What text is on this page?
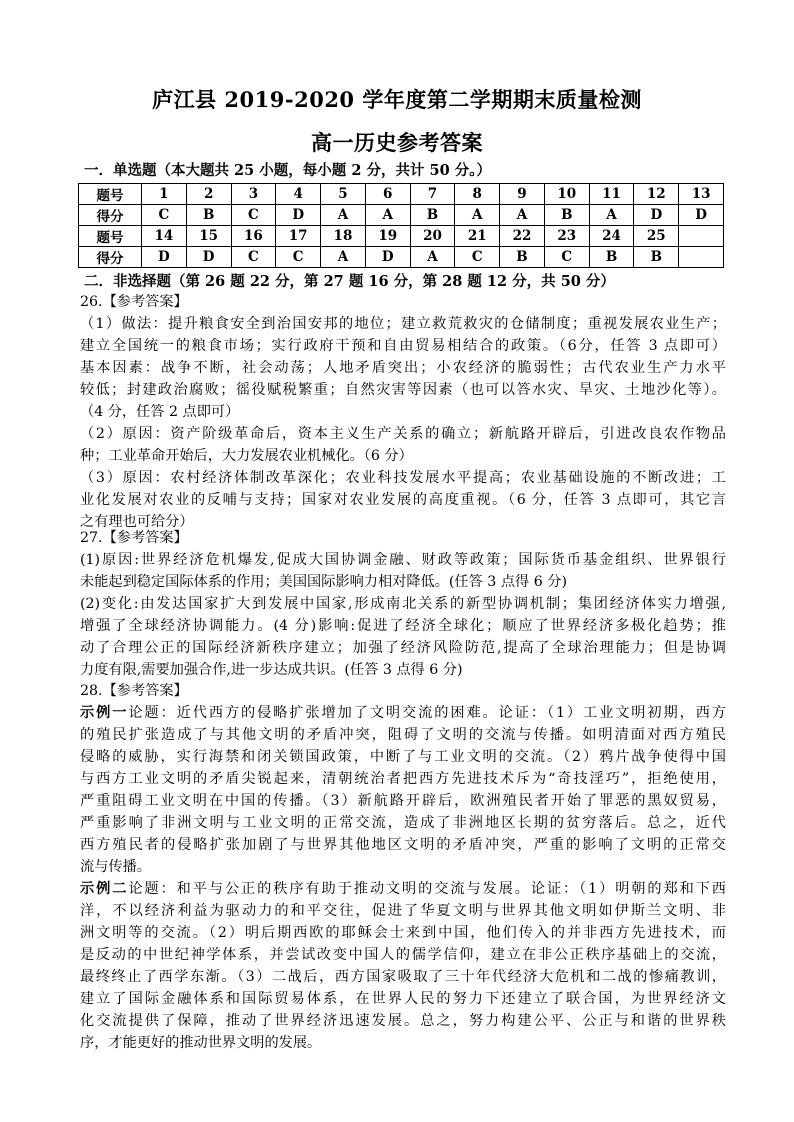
庐江县 2019-2020 学年度第二学期期末质量检测
高一历史参考答案
一．单选题（本大题共 25 小题，每小题 2 分，共计 50 分。）
题号	1	2	3	4	5	6	7	8	9	10	11	12	13
得分	C	B	C	D	A	A	B	A	A	B	A	D	D
题号	14	15	16	17	18	19	20	21	22	23	24	25	
得分	D	D	C	C	A	D	A	C	B	C	B	B	
二．非选择题（第 26 题 22 分，第 27 题 16 分，第 28 题 12 分，共 50 分）
26.【参考答案】
（1）做法：提升粮食安全到治国安邦的地位；建立救荒救灾的仓储制度；重视发展农业生产；
建立全国统一的粮食市场；实行政府干预和自由贸易相结合的政策。（6分，任答 3 点即可）
基本因素：战争不断，社会动荡；人地矛盾突出；小农经济的脆弱性；古代农业生产力水平
较低；封建政治腐败；徭役赋税繁重；自然灾害等因素（也可以答水灾、旱灾、土地沙化等）。
（4 分，任答 2 点即可）
（2）原因：资产阶级革命后，资本主义生产关系的确立；新航路开辟后，引进改良农作物品
种；工业革命开始后，大力发展农业机械化。（6 分）
（3）原因：农村经济体制改革深化；农业科技发展水平提高；农业基础设施的不断改进；工
业化发展对农业的反哺与支持；国家对农业发展的高度重视。（6 分，任答 3 点即可，其它言
之有理也可给分）
27.【参考答案】
(1)原因:世界经济危机爆发,促成大国协调金融、财政等政策；国际货币基金组织、世界银行
未能起到稳定国际体系的作用；美国国际影响力相对降低。(任答 3 点得 6 分)
(2)变化:由发达国家扩大到发展中国家,形成南北关系的新型协调机制；集团经济体实力增强,
增强了全球经济协调能力。(4 分)影响:促进了经济全球化；顺应了世界经济多极化趋势；推
动了合理公正的国际经济新秩序建立；加强了经济风险防范,提高了全球治理能力；但是协调
力度有限,需要加强合作,进一步达成共识。(任答 3 点得 6 分)
28.【参考答案】
示例一论题：近代西方的侵略扩张增加了文明交流的困难。论证：（1）工业文明初期，西方
的殖民扩张造成了与其他文明的矛盾冲突，阻碍了文明的交流与传播。如明清面对西方殖民
侵略的威胁，实行海禁和闭关锁国政策，中断了与工业文明的交流。（2）鸦片战争使得中国
与西方工业文明的矛盾尖锐起来，清朝统治者把西方先进技术斥为“奇技淫巧”，拒绝使用，
严重阻碍工业文明在中国的传播。（3）新航路开辟后，欧洲殖民者开始了罪恶的黑奴贸易，
严重影响了非洲文明与工业文明的正常交流，造成了非洲地区长期的贫穷落后。总之，近代
西方殖民者的侵略扩张加剧了与世界其他地区文明的矛盾冲突，严重的影响了文明的正常交
流与传播。
示例二论题：和平与公正的秩序有助于推动文明的交流与发展。论证：（1）明朝的郑和下西
洋，不以经济利益为驱动力的和平交往，促进了华夏文明与世界其他文明如伊斯兰文明、非
洲文明等的交流。（2）明后期西欧的耶稣会士来到中国，他们传入的并非西方先进技术，而
是反动的中世纪神学体系，并尝试改变中国人的儒学信仰，建立在非公正秩序基础上的交流，
最终终止了西学东渐。（3）二战后，西方国家吸取了三十年代经济大危机和二战的惨痛教训，
建立了国际金融体系和国际贸易体系，在世界人民的努力下还建立了联合国，为世界经济文
化交流提供了保障，推动了世界经济迅速发展。总之，努力构建公平、公正与和谐的世界秩
序，才能更好的推动世界文明的发展。
